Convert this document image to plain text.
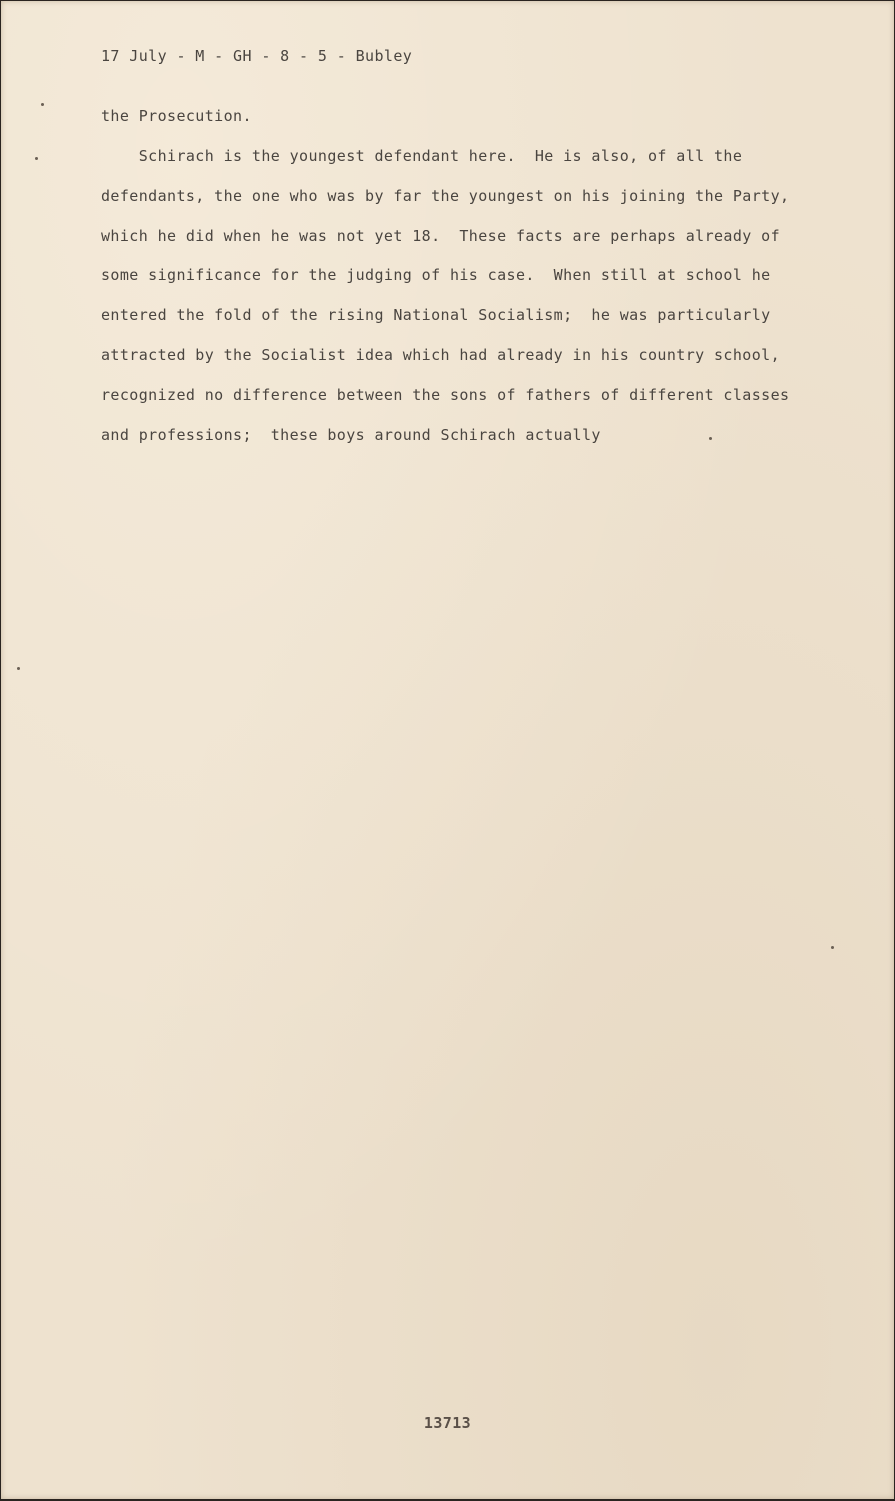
17 July - M - GH - 8 - 5 - Bubley
the Prosecution.
Schirach is the youngest defendant here.  He is also, of all the
defendants, the one who was by far the youngest on his joining the Party,
which he did when he was not yet 18.  These facts are perhaps already of
some significance for the judging of his case.  When still at school he
entered the fold of the rising National Socialism;  he was particularly
attracted by the Socialist idea which had already in his country school,
recognized no difference between the sons of fathers of different classes
and professions;  these boys around Schirach actually
13713
